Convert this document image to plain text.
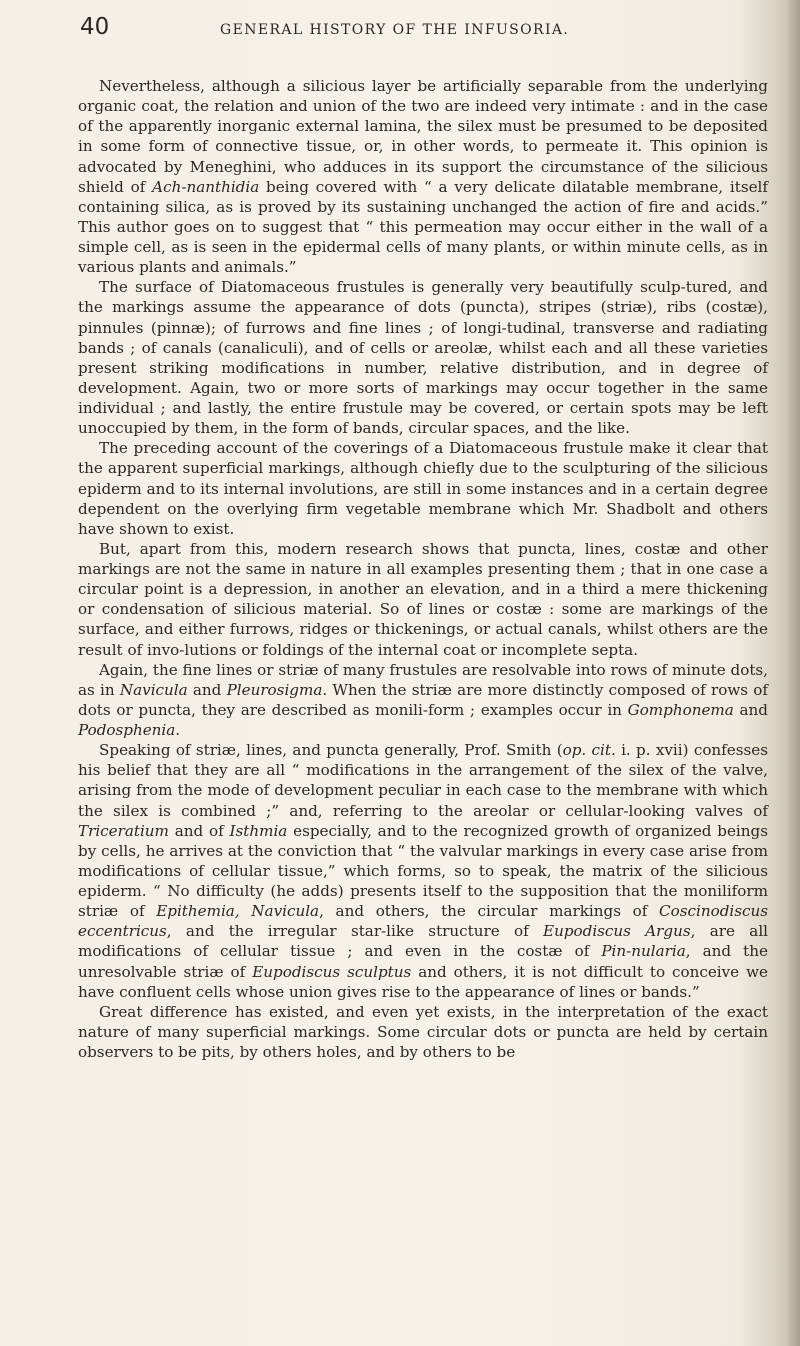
40	GENERAL HISTORY OF THE INFUSORIA.

Nevertheless, although a silicious layer be artificially separable from the underlying organic coat, the relation and union of the two are indeed very intimate : and in the case of the apparently inorganic external lamina, the silex must be presumed to be deposited in some form of connective tissue, or, in other words, to permeate it. This opinion is advocated by Meneghini, who adduces in its support the circumstance of the silicious shield of Ach-nanthidia being covered with “ a very delicate dilatable membrane, itself containing silica, as is proved by its sustaining unchanged the action of fire and acids.” This author goes on to suggest that “ this permeation may occur either in the wall of a simple cell, as is seen in the epidermal cells of many plants, or within minute cells, as in various plants and animals.”

The surface of Diatomaceous frustules is generally very beautifully sculp-tured, and the markings assume the appearance of dots (puncta), stripes (striæ), ribs (costæ), pinnules (pinnæ); of furrows and fine lines ; of longi-tudinal, transverse and radiating bands ; of canals (canaliculi), and of cells or areolæ, whilst each and all these varieties present striking modifications in number, relative distribution, and in degree of development. Again, two or more sorts of markings may occur together in the same individual ; and lastly, the entire frustule may be covered, or certain spots may be left unoccupied by them, in the form of bands, circular spaces, and the like.

The preceding account of the coverings of a Diatomaceous frustule make it clear that the apparent superficial markings, although chiefly due to the sculpturing of the silicious epiderm and to its internal involutions, are still in some instances and in a certain degree dependent on the overlying firm vegetable membrane which Mr. Shadbolt and others have shown to exist.

But, apart from this, modern research shows that puncta, lines, costæ and other markings are not the same in nature in all examples presenting them ; that in one case a circular point is a depression, in another an elevation, and in a third a mere thickening or condensation of silicious material. So of lines or costæ : some are markings of the surface, and either furrows, ridges or thickenings, or actual canals, whilst others are the result of invo-lutions or foldings of the internal coat or incomplete septa.

Again, the fine lines or striæ of many frustules are resolvable into rows of minute dots, as in Navicula and Pleurosigma. When the striæ are more distinctly composed of rows of dots or puncta, they are described as monili-form ; examples occur in Gomphonema and Podosphenia.

Speaking of striæ, lines, and puncta generally, Prof. Smith (op. cit. i. p. xvii) confesses his belief that they are all “ modifications in the arrangement of the silex of the valve, arising from the mode of development peculiar in each case to the membrane with which the silex is combined ;” and, referring to the areolar or cellular-looking valves of Triceratium and of Isthmia especially, and to the recognized growth of organized beings by cells, he arrives at the conviction that “ the valvular markings in every case arise from modifications of cellular tissue,” which forms, so to speak, the matrix of the silicious epiderm. “ No difficulty (he adds) presents itself to the supposition that the moniliform striæ of Epithemia, Navicula, and others, the circular markings of Coscinodiscus eccentricus, and the irregular star-like structure of Eupodiscus Argus, are all modifications of cellular tissue ; and even in the costæ of Pin-nularia, and the unresolvable striæ of Eupodiscus sculptus and others, it is not difficult to conceive we have confluent cells whose union gives rise to the appearance of lines or bands.”

Great difference has existed, and even yet exists, in the interpretation of the exact nature of many superficial markings. Some circular dots or puncta are held by certain observers to be pits, by others holes, and by others to be
